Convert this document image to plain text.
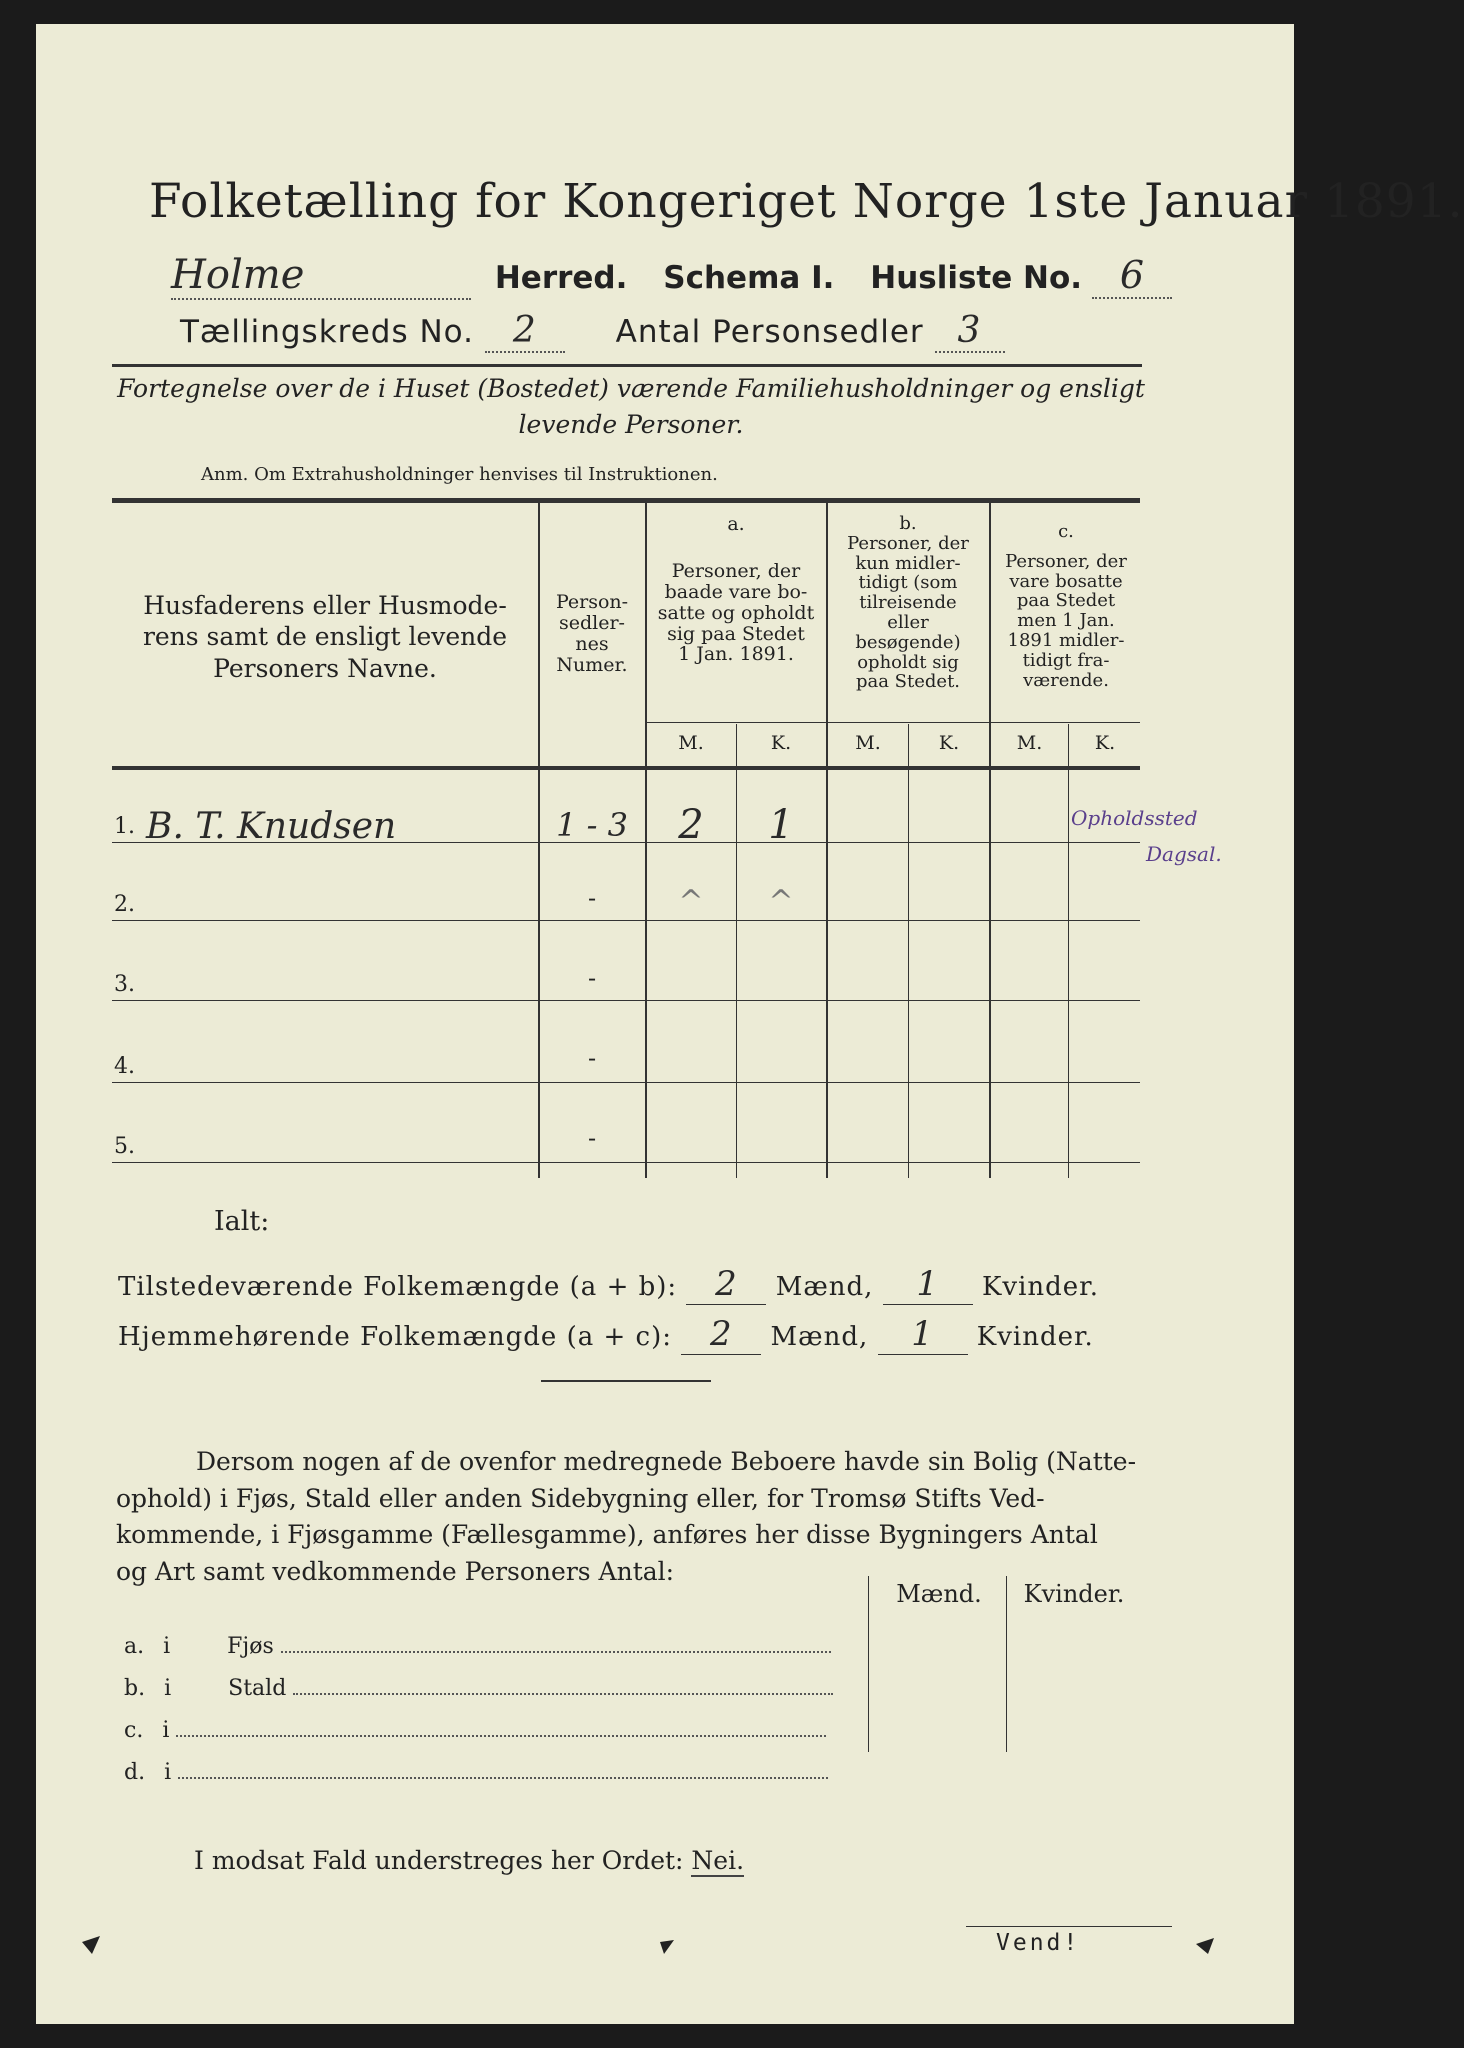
Folketælling for Kongeriget Norge 1ste Januar 1891.
Holme	Herred. Schema I. Husliste No. 6
Tællingskreds No. 2	Antal Personsedler 3
Fortegnelse over de i Huset (Bostedet) værende Familiehusholdninger og ensligt
levende Personer.
Anm. Om Extrahusholdninger henvises til Instruktionen.
Husfaderens eller Husmode-
rens samt de ensligt levende
Personers Navne.
Person-
sedler-
nes
Numer.
a.
Personer, der
baade vare bo-
satte og opholdt
sig paa Stedet
1 Jan. 1891.
b.
Personer, der
kun midler-
tidigt (som
tilreisende
eller
besøgende)
opholdt sig
paa Stedet.
c.
Personer, der
vare bosatte
paa Stedet
men 1 Jan.
1891 midler-
tidigt fra-
værende.
M.	K.	M.	K.	M.	K.
1. B. T. Knudsen	1 - 3	2	1	Opholdssted
Dagsal.
2.	-	^	^
3.	-
4.	-
5.	-
Ialt:
Tilstedeværende Folkemængde (a + b): 2 Mænd, 1 Kvinder.
Hjemmehørende Folkemængde (a + c): 2 Mænd, 1 Kvinder.
Dersom nogen af de ovenfor medregnede Beboere havde sin Bolig (Natte-
ophold) i Fjøs, Stald eller anden Sidebygning eller, for Tromsø Stifts Ved-
kommende, i Fjøsgamme (Fællesgamme), anføres her disse Bygningers Antal
og Art samt vedkommende Personers Antal:
Mænd.	Kvinder.
a. i	Fjøs
b. i	Stald
c. i
d. i
I modsat Fald understreges her Ordet: Nei.
Vend!
